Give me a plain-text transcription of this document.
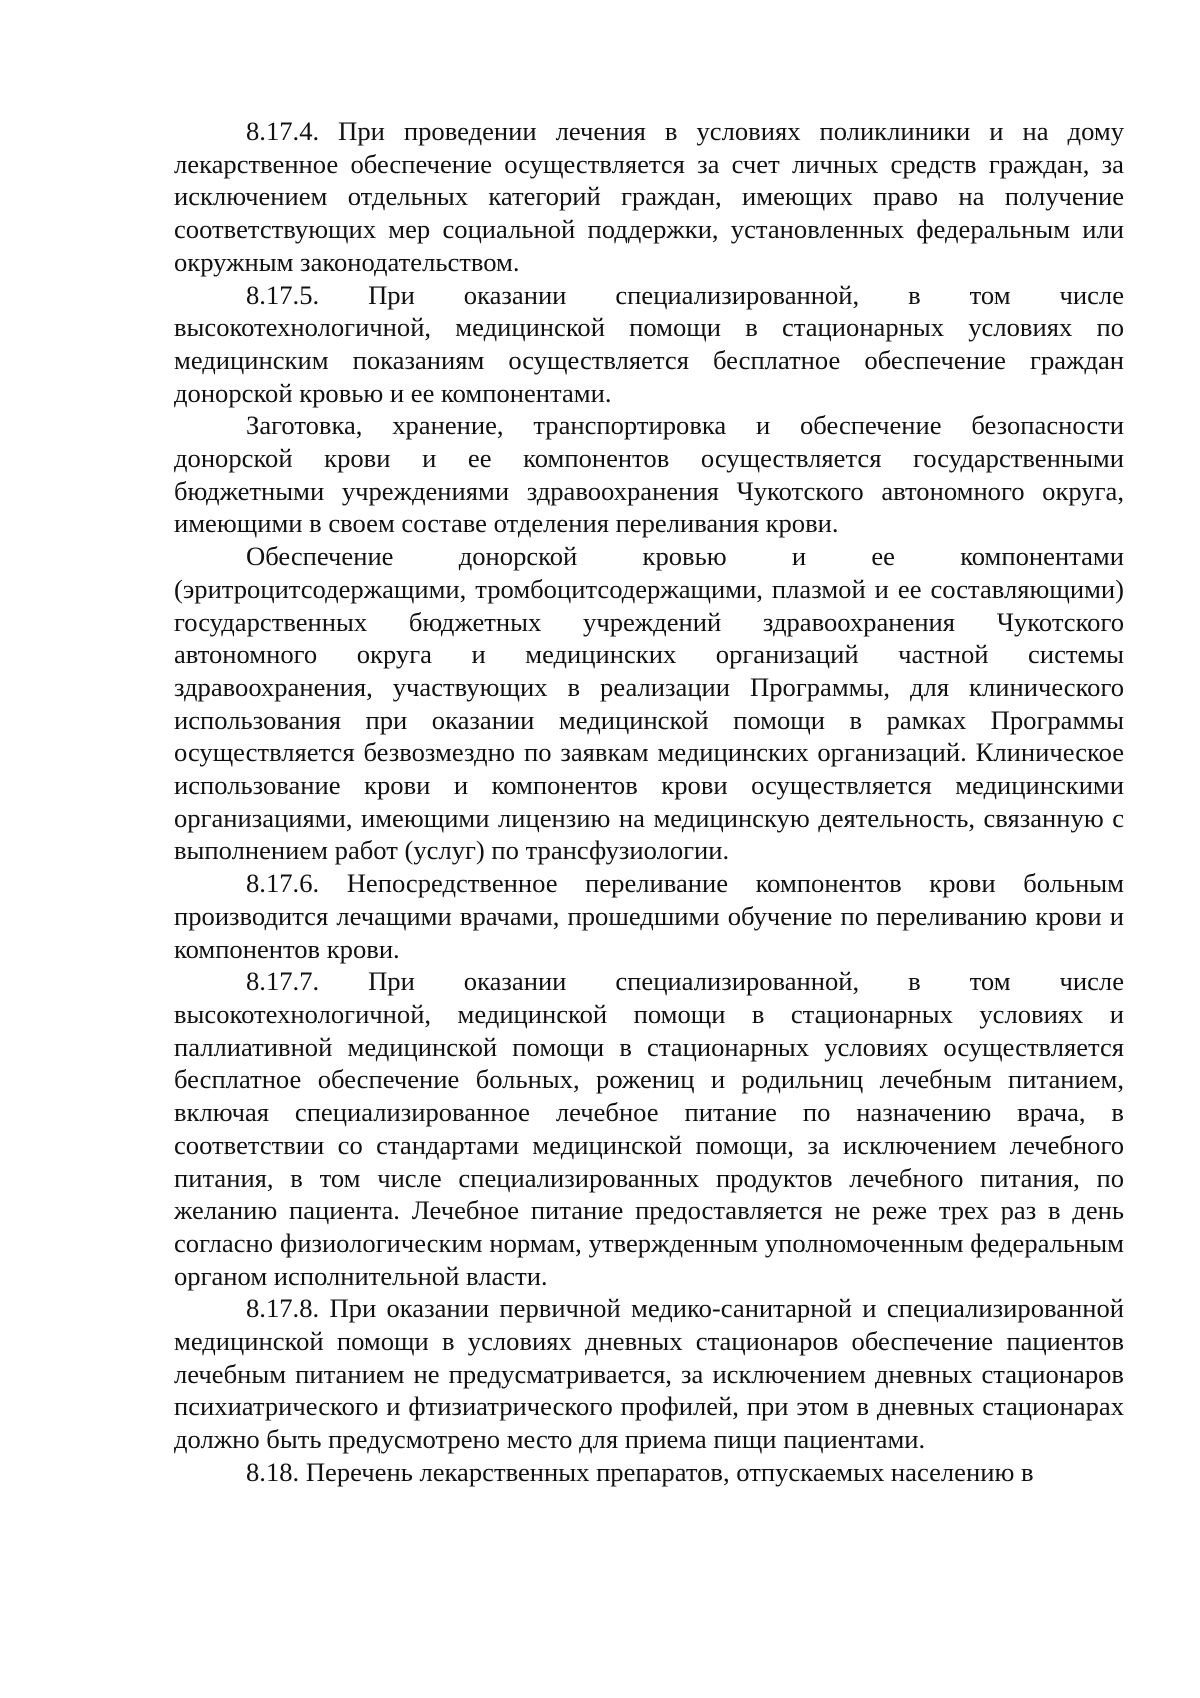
8.17.4. При проведении лечения в условиях поликлиники и на дому лекарственное обеспечение осуществляется за счет личных средств граждан, за исключением отдельных категорий граждан, имеющих право на получение соответствующих мер социальной поддержки, установленных федеральным или окружным законодательством.

8.17.5. При оказании специализированной, в том числе высокотехнологичной, медицинской помощи в стационарных условиях по медицинским показаниям осуществляется бесплатное обеспечение граждан донорской кровью и ее компонентами.

Заготовка, хранение, транспортировка и обеспечение безопасности донорской крови и ее компонентов осуществляется государственными бюджетными учреждениями здравоохранения Чукотского автономного округа, имеющими в своем составе отделения переливания крови.

Обеспечение донорской кровью и ее компонентами (эритроцитсодержащими, тромбоцитсодержащими, плазмой и ее составляющими) государственных бюджетных учреждений здравоохранения Чукотского автономного округа и медицинских организаций частной системы здравоохранения, участвующих в реализации Программы, для клинического использования при оказании медицинской помощи в рамках Программы осуществляется безвозмездно по заявкам медицинских организаций. Клиническое использование крови и компонентов крови осуществляется медицинскими организациями, имеющими лицензию на медицинскую деятельность, связанную с выполнением работ (услуг) по трансфузиологии.

8.17.6. Непосредственное переливание компонентов крови больным производится лечащими врачами, прошедшими обучение по переливанию крови и компонентов крови.

8.17.7. При оказании специализированной, в том числе высокотехнологичной, медицинской помощи в стационарных условиях и паллиативной медицинской помощи в стационарных условиях осуществляется бесплатное обеспечение больных, рожениц и родильниц лечебным питанием, включая специализированное лечебное питание по назначению врача, в соответствии со стандартами медицинской помощи, за исключением лечебного питания, в том числе специализированных продуктов лечебного питания, по желанию пациента. Лечебное питание предоставляется не реже трех раз в день согласно физиологическим нормам, утвержденным уполномоченным федеральным органом исполнительной власти.

8.17.8. При оказании первичной медико-санитарной и специализированной медицинской помощи в условиях дневных стационаров обеспечение пациентов лечебным питанием не предусматривается, за исключением дневных стационаров психиатрического и фтизиатрического профилей, при этом в дневных стационарах должно быть предусмотрено место для приема пищи пациентами.

8.18. Перечень лекарственных препаратов, отпускаемых населению в
